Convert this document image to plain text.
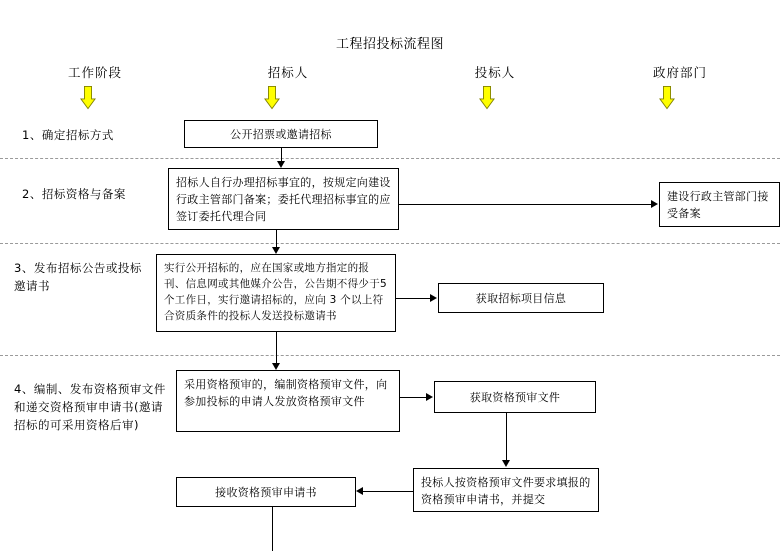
工程招投标流程图
工作阶段	招标人	投标人	政府部门
1、确定招标方式
2、招标资格与备案
3、发布招标公告或投标邀请书
4、编制、发布资格预审文件和递交资格预审申请书(邀请招标的可采用资格后审)
公开招票或邀请招标
招标人自行办理招标事宜的，按规定向建设行政主管部门备案；委托代理招标事宜的应签订委托代理合同
建设行政主管部门接受备案
实行公开招标的，应在国家或地方指定的报刊、信息网或其他媒介公告，公告期不得少于5 个工作日，实行邀请招标的，应向 3 个以上符合资质条件的投标人发送投标邀请书
获取招标项目信息
采用资格预审的，编制资格预审文件，向参加投标的申请人发放资格预审文件	获取资格预审文件
投标人按资格预审文件要求填报的资格预审申请书，并提交
接收资格预审申请书
